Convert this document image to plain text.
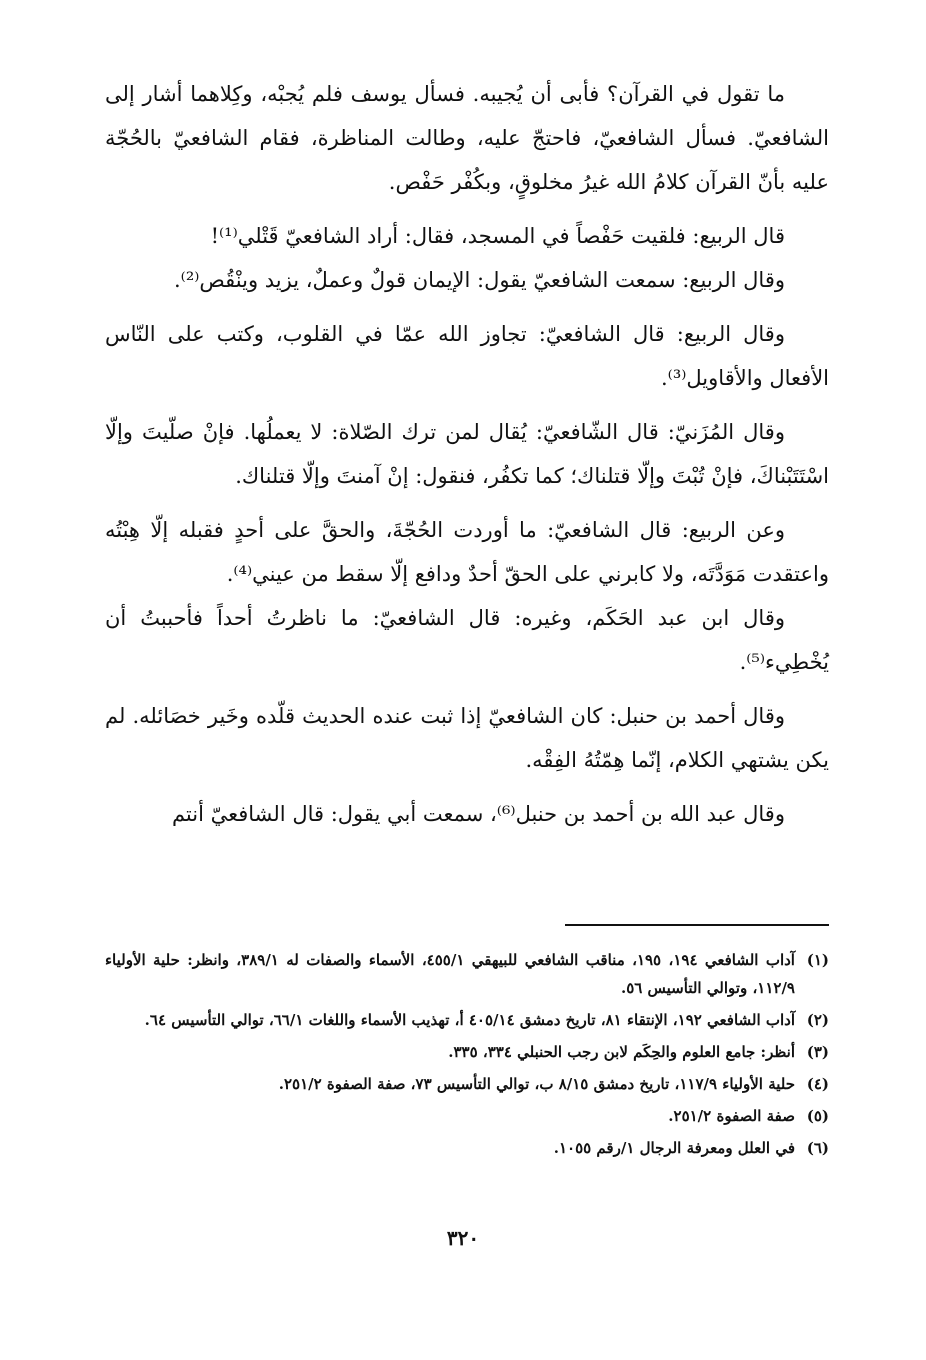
ما تقول في القرآن؟ فأبى أن يُجيبه. فسأل يوسف فلم يُجبْه، وكِلاهما أشار إلى الشافعيّ. فسأل الشافعيّ، فاحتجّ عليه، وطالت المناظرة، فقام الشافعيّ بالحُجّة عليه بأنّ القرآن كلامُ الله غيرُ مخلوقٍ، وبكُفْر حَفْص.

قال الربيع: فلقيت حَفْصاً في المسجد، فقال: أراد الشافعيّ قَتْلي⁽¹⁾!

وقال الربيع: سمعت الشافعيّ يقول: الإيمان قولٌ وعملٌ، يزيد وينْقُص⁽²⁾.

وقال الربيع: قال الشافعيّ: تجاوز الله عمّا في القلوب، وكتب على النّاس الأفعال والأقاويل⁽³⁾.

وقال المُزَنيّ: قال الشّافعيّ: يُقال لمن ترك الصّلاة: لا يعملُها. فإنْ صلّيتَ وإلّا اسْتَتَبْناكَ، فإنْ تُبْتَ وإلّا قتلناك؛ كما تكفُر، فنقول: إنْ آمنتَ وإلّا قتلناك.

وعن الربيع: قال الشافعيّ: ما أوردت الحُجّةَ، والحقَّ على أحدٍ فقبله إلّا هِبْتُه واعتقدت مَوَدَّتَه، ولا كابرني على الحقّ أحدٌ ودافع إلّا سقط من عيني⁽⁴⁾.

وقال ابن عبد الحَكَم، وغيره: قال الشافعيّ: ما ناظرتُ أحداً فأحببتُ أن يُخْطِيء⁽⁵⁾.

وقال أحمد بن حنبل: كان الشافعيّ إذا ثبت عنده الحديث قلّده وخَير خصَائله. لم يكن يشتهي الكلام، إنّما هِمّتُهُ الفِقْه.

وقال عبد الله بن أحمد بن حنبل⁽⁶⁾، سمعت أبي يقول: قال الشافعيّ أنتم

(١)
آداب الشافعي ١٩٤، ١٩٥، مناقب الشافعي للبيهقي ٤٥٥/١، الأسماء والصفات له ٣٨٩/١، وانظر: حلية الأولياء ١١٢/٩، وتوالي التأسيس ٥٦.
(٢)
آداب الشافعي ١٩٢، الإنتقاء ٨١، تاريخ دمشق ٤٠٥/١٤ أ، تهذيب الأسماء واللغات ٦٦/١، توالي التأسيس ٦٤.
(٣)
أنظر: جامع العلوم والحِكَم لابن رجب الحنبلي ٣٣٤، ٣٣٥.
(٤)
حلية الأولياء ١١٧/٩، تاريخ دمشق ٨/١٥ ب، توالي التأسيس ٧٣، صفة الصفوة ٢٥١/٢.
(٥)
صفة الصفوة ٢٥١/٢.
(٦)
في العلل ومعرفة الرجال ١/رقم ١٠٥٥.
٣٢٠
